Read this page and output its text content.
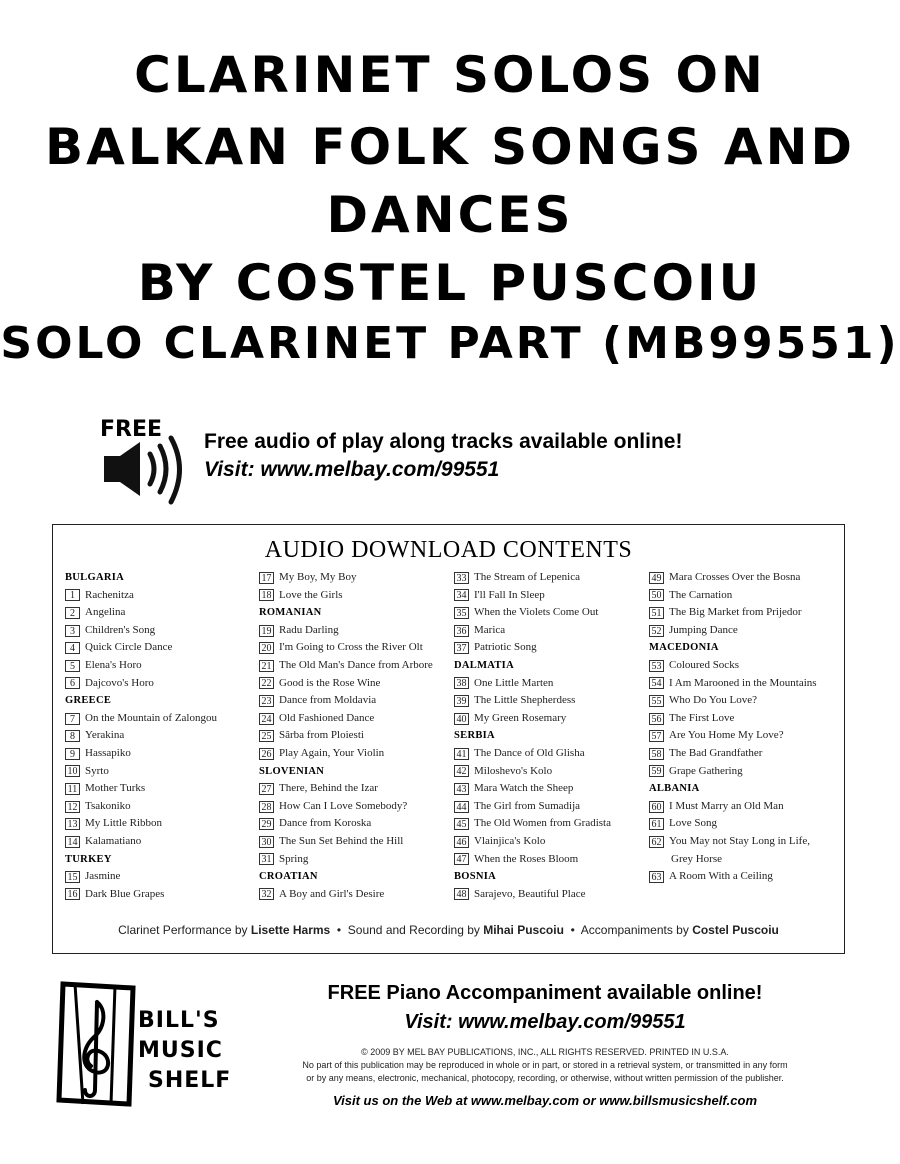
CLARINET SOLOS ON
BALKAN FOLK SONGS AND
DANCES
BY COSTEL PUSCOIU
SOLO CLARINET PART (MB99551)
FREE Free audio of play along tracks available online!
Visit: www.melbay.com/99551
AUDIO DOWNLOAD CONTENTS
BULGARIA
1 Rachenitza
2 Angelina
3 Children's Song
4 Quick Circle Dance
5 Elena's Horo
6 Dajcovo's Horo
GREECE
7 On the Mountain of Zalongou
8 Yerakina
9 Hassapiko
10 Syrto
11 Mother Turks
12 Tsakoniko
13 My Little Ribbon
14 Kalamatiano
TURKEY
15 Jasmine
16 Dark Blue Grapes
17 My Boy, My Boy
18 Love the Girls
ROMANIAN
19 Radu Darling
20 I'm Going to Cross the River Olt
21 The Old Man's Dance from Arbore
22 Good is the Rose Wine
23 Dance from Moldavia
24 Old Fashioned Dance
25 Sârba from Ploiesti
26 Play Again, Your Violin
SLOVENIAN
27 There, Behind the Izar
28 How Can I Love Somebody?
29 Dance from Koroska
30 The Sun Set Behind the Hill
31 Spring
CROATIAN
32 A Boy and Girl's Desire
33 The Stream of Lepenica
34 I'll Fall In Sleep
35 When the Violets Come Out
36 Marica
37 Patriotic Song
DALMATIA
38 One Little Marten
39 The Little Shepherdess
40 My Green Rosemary
SERBIA
41 The Dance of Old Glisha
42 Miloshevo's Kolo
43 Mara Watch the Sheep
44 The Girl from Sumadija
45 The Old Women from Gradista
46 Vlainjica's Kolo
47 When the Roses Bloom
BOSNIA
48 Sarajevo, Beautiful Place
49 Mara Crosses Over the Bosna
50 The Carnation
51 The Big Market from Prijedor
52 Jumping Dance
MACEDONIA
53 Coloured Socks
54 I Am Marooned in the Mountains
55 Who Do You Love?
56 The First Love
57 Are You Home My Love?
58 The Bad Grandfather
59 Grape Gathering
ALBANIA
60 I Must Marry an Old Man
61 Love Song
62 You May not Stay Long in Life,
Grey Horse
63 A Room With a Ceiling
Clarinet Performance by Lisette Harms • Sound and Recording by Mihai Puscoiu • Accompaniments by Costel Puscoiu
BILL'S
MUSIC
SHELF
FREE Piano Accompaniment available online!
Visit: www.melbay.com/99551
© 2009 BY MEL BAY PUBLICATIONS, INC., ALL RIGHTS RESERVED. PRINTED IN U.S.A.
No part of this publication may be reproduced in whole or in part, or stored in a retrieval system, or transmitted in any form
or by any means, electronic, mechanical, photocopy, recording, or otherwise, without written permission of the publisher.
Visit us on the Web at www.melbay.com or www.billsmusicshelf.com
